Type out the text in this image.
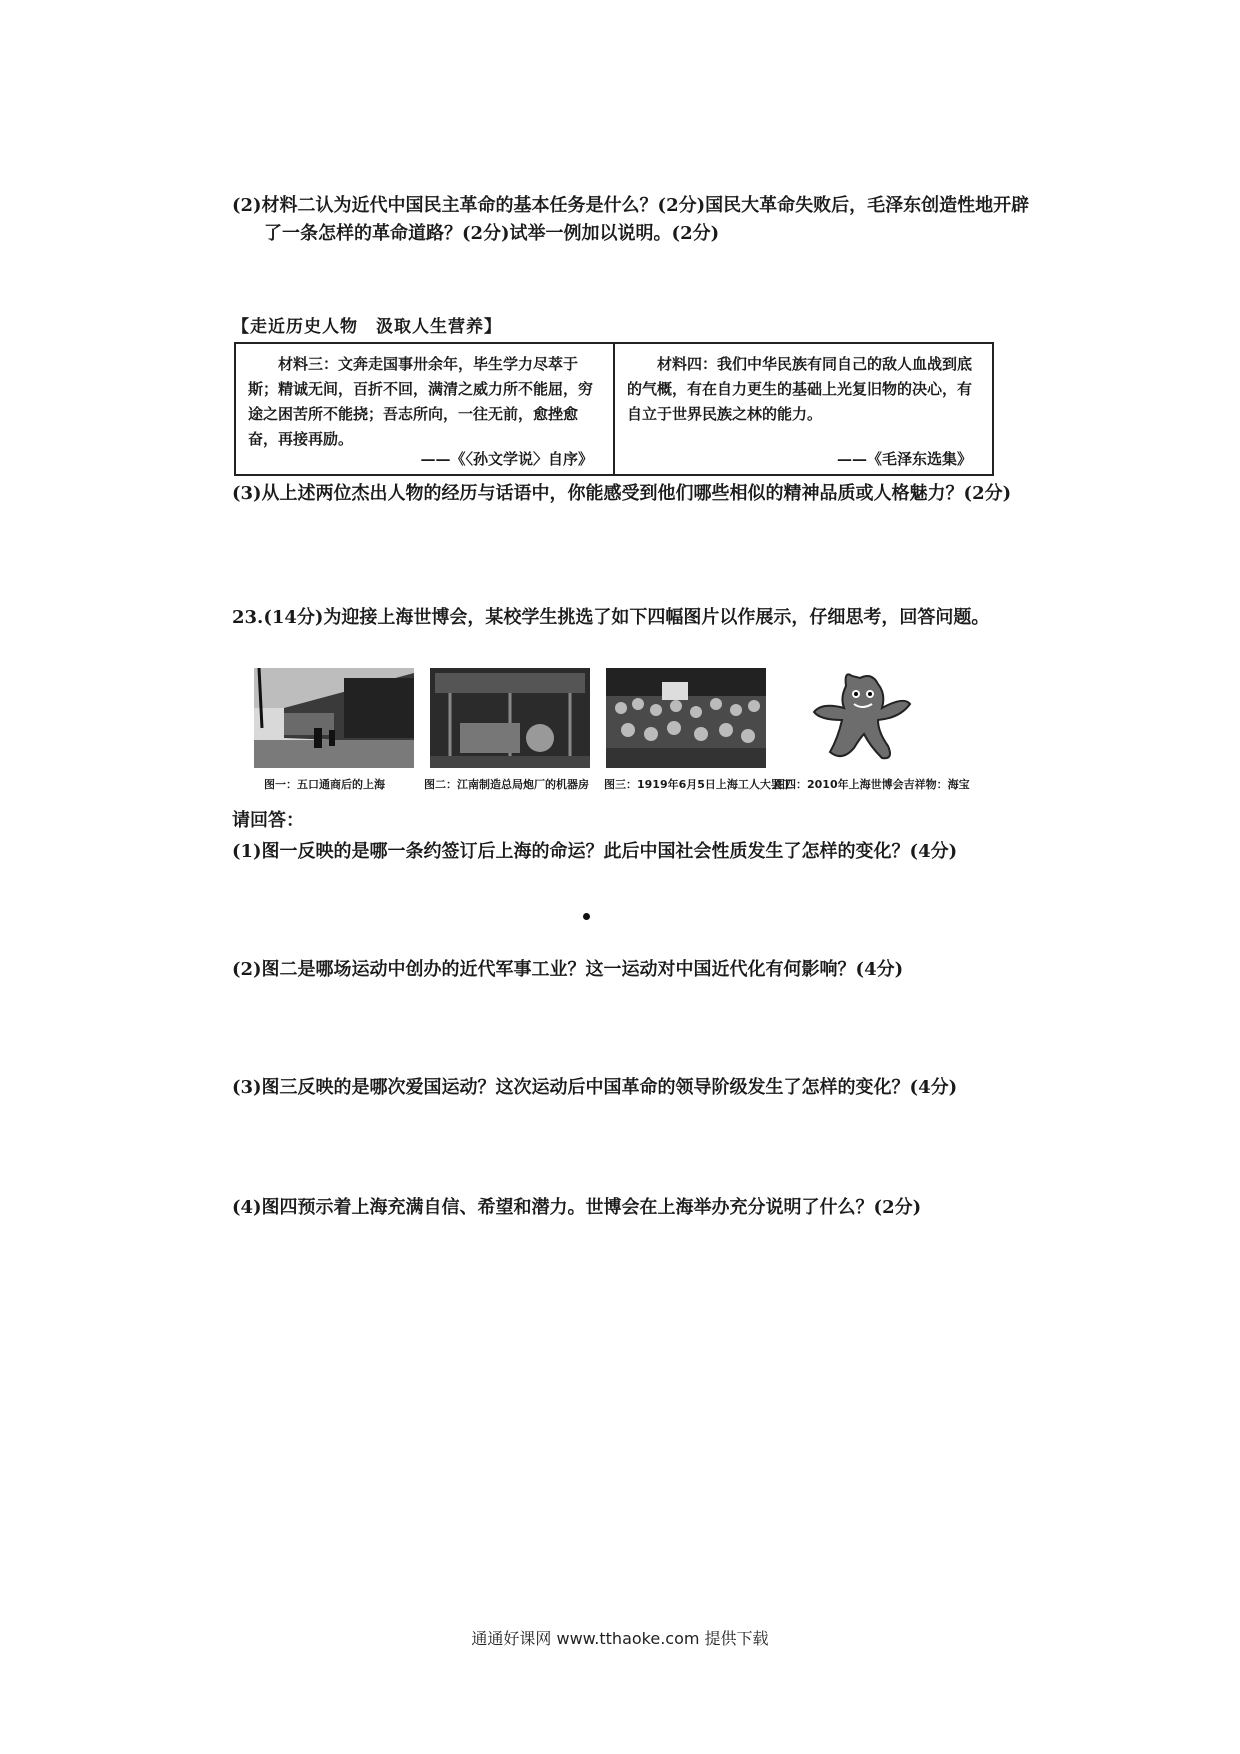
(2)材料二认为近代中国民主革命的基本任务是什么？(2分)国民大革命失败后，毛泽东创造性地开辟了一条怎样的革命道路？(2分)试举一例加以说明。(2分)
【走近历史人物　汲取人生营养】
材料三：文奔走国事卅余年，毕生学力尽萃于斯；精诚无间，百折不回，满清之威力所不能屈，穷途之困苦所不能挠；吾志所向，一往无前，愈挫愈奋，再接再励。
——《〈孙文学说〉自序》
材料四：我们中华民族有同自己的敌人血战到底的气概，有在自力更生的基础上光复旧物的决心，有自立于世界民族之林的能力。
——《毛泽东选集》
(3)从上述两位杰出人物的经历与话语中，你能感受到他们哪些相似的精神品质或人格魅力？(2分)
23.(14分)为迎接上海世博会，某校学生挑选了如下四幅图片以作展示，仔细思考，回答问题。
图一：五口通商后的上海	图二：江南制造总局炮厂的机器房 图三：1919年6月5日上海工人大罢工
图四：2010年上海世博会吉祥物：海宝
请回答：
(1)图一反映的是哪一条约签订后上海的命运？此后中国社会性质发生了怎样的变化？(4分)
(2)图二是哪场运动中创办的近代军事工业？这一运动对中国近代化有何影响？(4分)
(3)图三反映的是哪次爱国运动？这次运动后中国革命的领导阶级发生了怎样的变化？(4分)
(4)图四预示着上海充满自信、希望和潜力。世博会在上海举办充分说明了什么？(2分)
通通好课网 www.tthaoke.com 提供下载
